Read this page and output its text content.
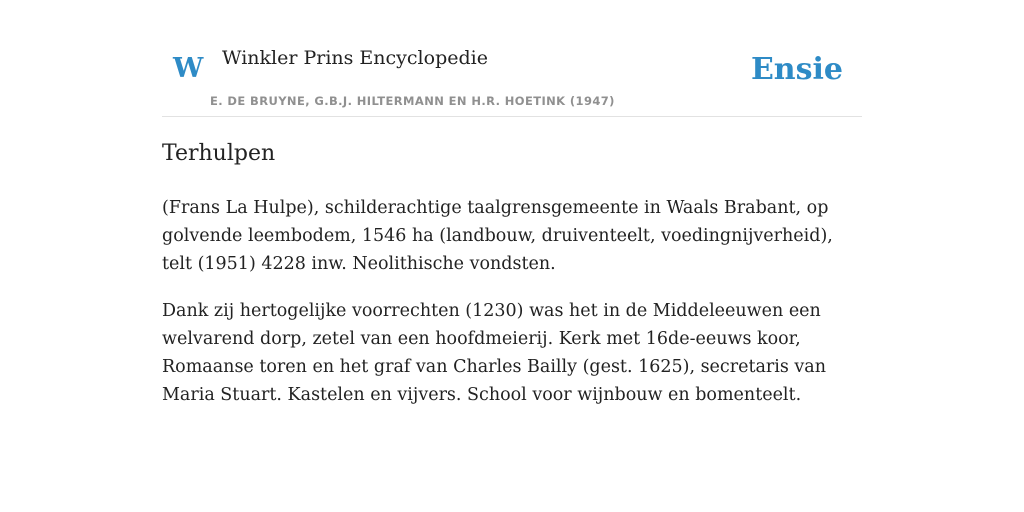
W Winkler Prins Encyclopedie
E. DE BRUYNE, G.B.J. HILTERMANN EN H.R. HOETINK (1947)
Ensie
Terhulpen

(Frans La Hulpe), schilderachtige taalgrensgemeente in Waals Brabant, op golvende leembodem, 1546 ha (landbouw, druiventeelt, voedingnijverheid), telt (1951) 4228 inw. Neolithische vondsten.

Dank zij hertogelijke voorrechten (1230) was het in de Middeleeuwen een welvarend dorp, zetel van een hoofdmeierij. Kerk met 16de-eeuws koor, Romaanse toren en het graf van Charles Bailly (gest. 1625), secretaris van Maria Stuart. Kastelen en vijvers. School voor wijnbouw en bomenteelt.
